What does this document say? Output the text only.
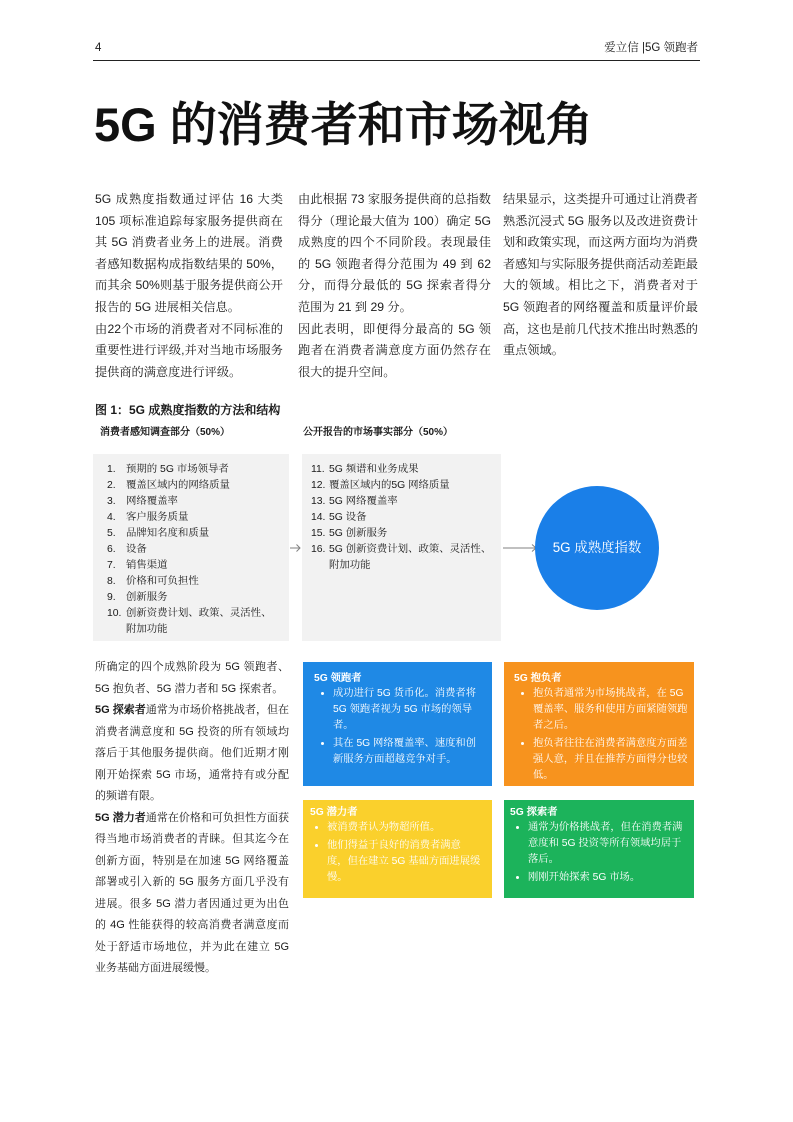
4	爱立信 |5G 领跑者
5G 的消费者和市场视角

5G 成熟度指数通过评估 16 大类 105 项标准追踪每家服务提供商在其 5G 消费者业务上的进展。消费者感知数据构成指数结果的 50%，而其余 50%则基于服务提供商公开报告的 5G 进展相关信息。

由22个市场的消费者对不同标准的重要性进行评级,并对当地市场服务提供商的满意度进行评级。

由此根据 73 家服务提供商的总指数得分（理论最大值为 100）确定 5G 成熟度的四个不同阶段。表现最佳的 5G 领跑者得分范围为 49 到 62 分，而得分最低的 5G 探索者得分范围为 21 到 29 分。

因此表明，即便得分最高的 5G 领跑者在消费者满意度方面仍然存在很大的提升空间。

结果显示，这类提升可通过让消费者熟悉沉浸式 5G 服务以及改进资费计划和政策实现，而这两方面均为消费者感知与实际服务提供商活动差距最大的领域。相比之下，消费者对于 5G 领跑者的网络覆盖和质量评价最高，这也是前几代技术推出时熟悉的重点领域。

图 1：5G 成熟度指数的方法和结构
消费者感知调查部分（50%）	公开报告的市场事实部分（50%）
1. 预期的 5G 市场领导者
2. 覆盖区域内的网络质量
3. 网络覆盖率
4. 客户服务质量
5. 品牌知名度和质量
6. 设备
7. 销售渠道
8. 价格和可负担性
9. 创新服务
10. 创新资费计划、政策、灵活性、附加功能
11. 5G 频谱和业务成果
12. 覆盖区域内的5G 网络质量
13. 5G 网络覆盖率
14. 5G 设备
15. 5G 创新服务
16. 5G 创新资费计划、政策、灵活性、附加功能
5G 成熟度指数

所确定的四个成熟阶段为 5G 领跑者、5G 抱负者、5G 潜力者和 5G 探索者。

5G 探索者通常为市场价格挑战者，但在消费者满意度和 5G 投资的所有领域均落后于其他服务提供商。他们近期才刚刚开始探索 5G 市场，通常持有或分配的频谱有限。

5G 潜力者通常在价格和可负担性方面获得当地市场消费者的青睐。但其迄今在创新方面，特别是在加速 5G 网络覆盖部署或引入新的 5G 服务方面几乎没有进展。很多 5G 潜力者因通过更为出色的 4G 性能获得的较高消费者满意度而处于舒适市场地位，并为此在建立 5G 业务基础方面进展缓慢。

5G 领跑者
• 成功进行 5G 货币化。消费者将 5G 领跑者视为 5G 市场的领导者。
• 其在 5G 网络覆盖率、速度和创新服务方面超越竞争对手。
5G 抱负者
• 抱负者通常为市场挑战者，在 5G 覆盖率、服务和使用方面紧随领跑者之后。
• 抱负者往往在消费者满意度方面差强人意，并且在推荐方面得分也较低。
5G 潜力者
• 被消费者认为物超所值。
• 他们得益于良好的消费者满意度，但在建立 5G 基础方面进展缓慢。
5G 探索者
• 通常为价格挑战者，但在消费者满意度和 5G 投资等所有领域均居于落后。
• 刚刚开始探索 5G 市场。
